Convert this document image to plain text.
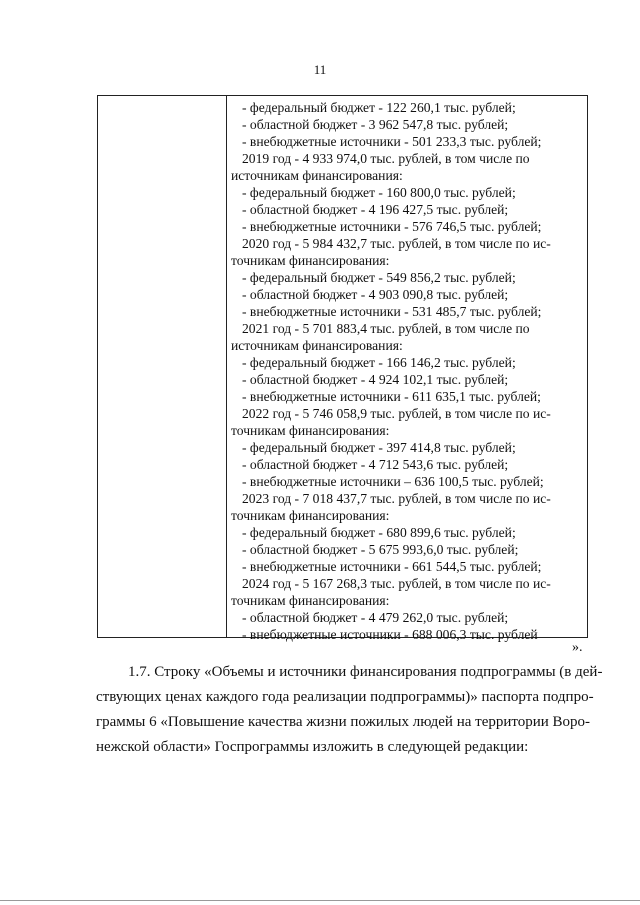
11
- федеральный бюджет - 122 260,1 тыс. рублей;
- областной бюджет - 3 962 547,8 тыс. рублей;
- внебюджетные источники - 501 233,3 тыс. рублей;
2019 год - 4 933 974,0 тыс. рублей, в том числе по
источникам финансирования:
- федеральный бюджет - 160 800,0 тыс. рублей;
- областной бюджет - 4 196 427,5 тыс. рублей;
- внебюджетные источники - 576 746,5 тыс. рублей;
2020 год - 5 984 432,7 тыс. рублей, в том числе по ис-
точникам финансирования:
- федеральный бюджет - 549 856,2 тыс. рублей;
- областной бюджет - 4 903 090,8 тыс. рублей;
- внебюджетные источники - 531 485,7 тыс. рублей;
2021 год - 5 701 883,4 тыс. рублей, в том числе по
источникам финансирования:
- федеральный бюджет - 166 146,2 тыс. рублей;
- областной бюджет - 4 924 102,1 тыс. рублей;
- внебюджетные источники - 611 635,1 тыс. рублей;
2022 год - 5 746 058,9 тыс. рублей, в том числе по ис-
точникам финансирования:
- федеральный бюджет - 397 414,8 тыс. рублей;
- областной бюджет - 4 712 543,6 тыс. рублей;
- внебюджетные источники – 636 100,5 тыс. рублей;
2023 год - 7 018 437,7 тыс. рублей, в том числе по ис-
точникам финансирования:
- федеральный бюджет - 680 899,6 тыс. рублей;
- областной бюджет - 5 675 993,6,0 тыс. рублей;
- внебюджетные источники - 661 544,5 тыс. рублей;
2024 год - 5 167 268,3 тыс. рублей, в том числе по ис-
точникам финансирования:
- областной бюджет - 4 479 262,0 тыс. рублей;
- внебюджетные источники - 688 006,3 тыс. рублей
».
1.7. Строку «Объемы и источники финансирования подпрограммы (в дей-
ствующих ценах каждого года реализации подпрограммы)» паспорта подпро-
граммы 6 «Повышение качества жизни пожилых людей на территории Воро-
нежской области» Госпрограммы изложить в следующей редакции:
